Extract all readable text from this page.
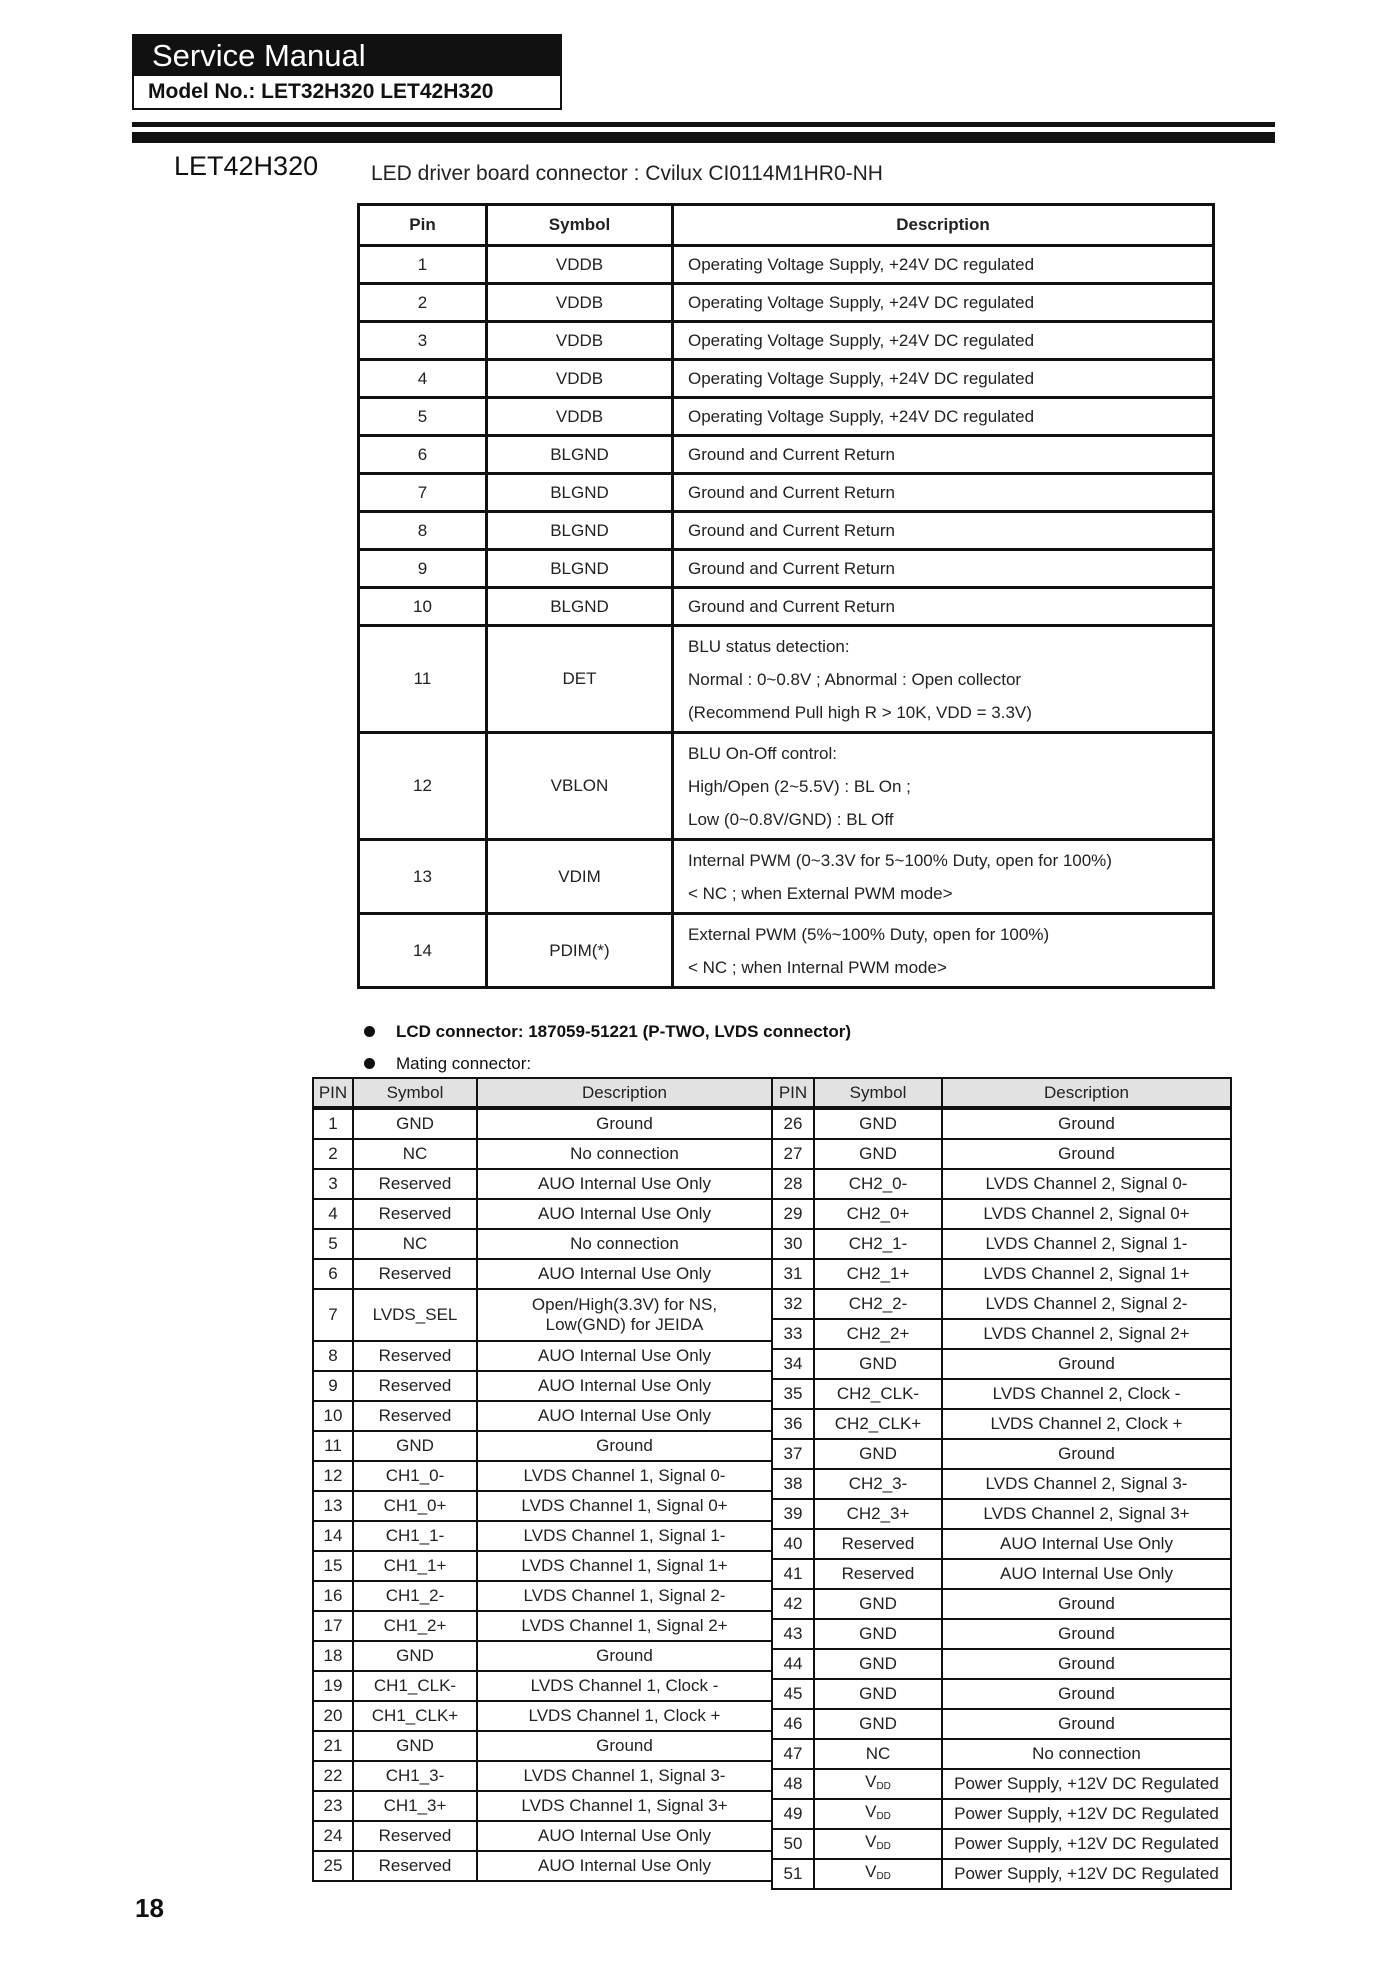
Service Manual
Model No.: LET32H320 LET42H320
LET42H320	LED driver board connector : Cvilux CI0114M1HR0-NH
Pin	Symbol	Description
1	VDDB	Operating Voltage Supply, +24V DC regulated

2	VDDB	Operating Voltage Supply, +24V DC regulated

3	VDDB	Operating Voltage Supply, +24V DC regulated

4	VDDB	Operating Voltage Supply, +24V DC regulated

5	VDDB	Operating Voltage Supply, +24V DC regulated

6	BLGND	Ground and Current Return

7	BLGND	Ground and Current Return

8	BLGND	Ground and Current Return

9	BLGND	Ground and Current Return

10	BLGND	Ground and Current Return

11	DET	BLU status detection:
Normal : 0~0.8V ; Abnormal : Open collector
(Recommend Pull high R > 10K, VDD = 3.3V)

12	VBLON	BLU On-Off control:
High/Open (2~5.5V) : BL On ;
Low (0~0.8V/GND) : BL Off

13	VDIM	Internal PWM (0~3.3V for 5~100% Duty, open for 100%)
< NC ; when External PWM mode>

14	PDIM(*)	External PWM (5%~100% Duty, open for 100%)
< NC ; when Internal PWM mode>
LCD connector: 187059-51221 (P-TWO, LVDS connector)
Mating connector:
PIN	Symbol	Description
1	GND	Ground

2	NC	No connection

3	Reserved	AUO Internal Use Only

4	Reserved	AUO Internal Use Only

5	NC	No connection

6	Reserved	AUO Internal Use Only

7	LVDS_SEL	Open/High(3.3V) for NS,
Low(GND) for JEIDA

8	Reserved	AUO Internal Use Only

9	Reserved	AUO Internal Use Only

10	Reserved	AUO Internal Use Only

11	GND	Ground

12	CH1_0-	LVDS Channel 1, Signal 0-

13	CH1_0+	LVDS Channel 1, Signal 0+

14	CH1_1-	LVDS Channel 1, Signal 1-

15	CH1_1+	LVDS Channel 1, Signal 1+

16	CH1_2-	LVDS Channel 1, Signal 2-

17	CH1_2+	LVDS Channel 1, Signal 2+

18	GND	Ground

19	CH1_CLK-	LVDS Channel 1, Clock -

20	CH1_CLK+	LVDS Channel 1, Clock +

21	GND	Ground

22	CH1_3-	LVDS Channel 1, Signal 3-

23	CH1_3+	LVDS Channel 1, Signal 3+

24	Reserved	AUO Internal Use Only

25	Reserved	AUO Internal Use Only
PIN	Symbol	Description
26	GND	Ground

27	GND	Ground

28	CH2_0-	LVDS Channel 2, Signal 0-

29	CH2_0+	LVDS Channel 2, Signal 0+

30	CH2_1-	LVDS Channel 2, Signal 1-

31	CH2_1+	LVDS Channel 2, Signal 1+

32	CH2_2-	LVDS Channel 2, Signal 2-

33	CH2_2+	LVDS Channel 2, Signal 2+

34	GND	Ground

35	CH2_CLK-	LVDS Channel 2, Clock -

36	CH2_CLK+	LVDS Channel 2, Clock +

37	GND	Ground

38	CH2_3-	LVDS Channel 2, Signal 3-

39	CH2_3+	LVDS Channel 2, Signal 3+

40	Reserved	AUO Internal Use Only

41	Reserved	AUO Internal Use Only

42	GND	Ground

43	GND	Ground

44	GND	Ground

45	GND	Ground

46	GND	Ground

47	NC	No connection

48	$V_{DD}$	Power Supply, +12V DC Regulated

49	$V_{DD}$	Power Supply, +12V DC Regulated

50	$V_{DD}$	Power Supply, +12V DC Regulated

51	$V_{DD}$	Power Supply, +12V DC Regulated
18
